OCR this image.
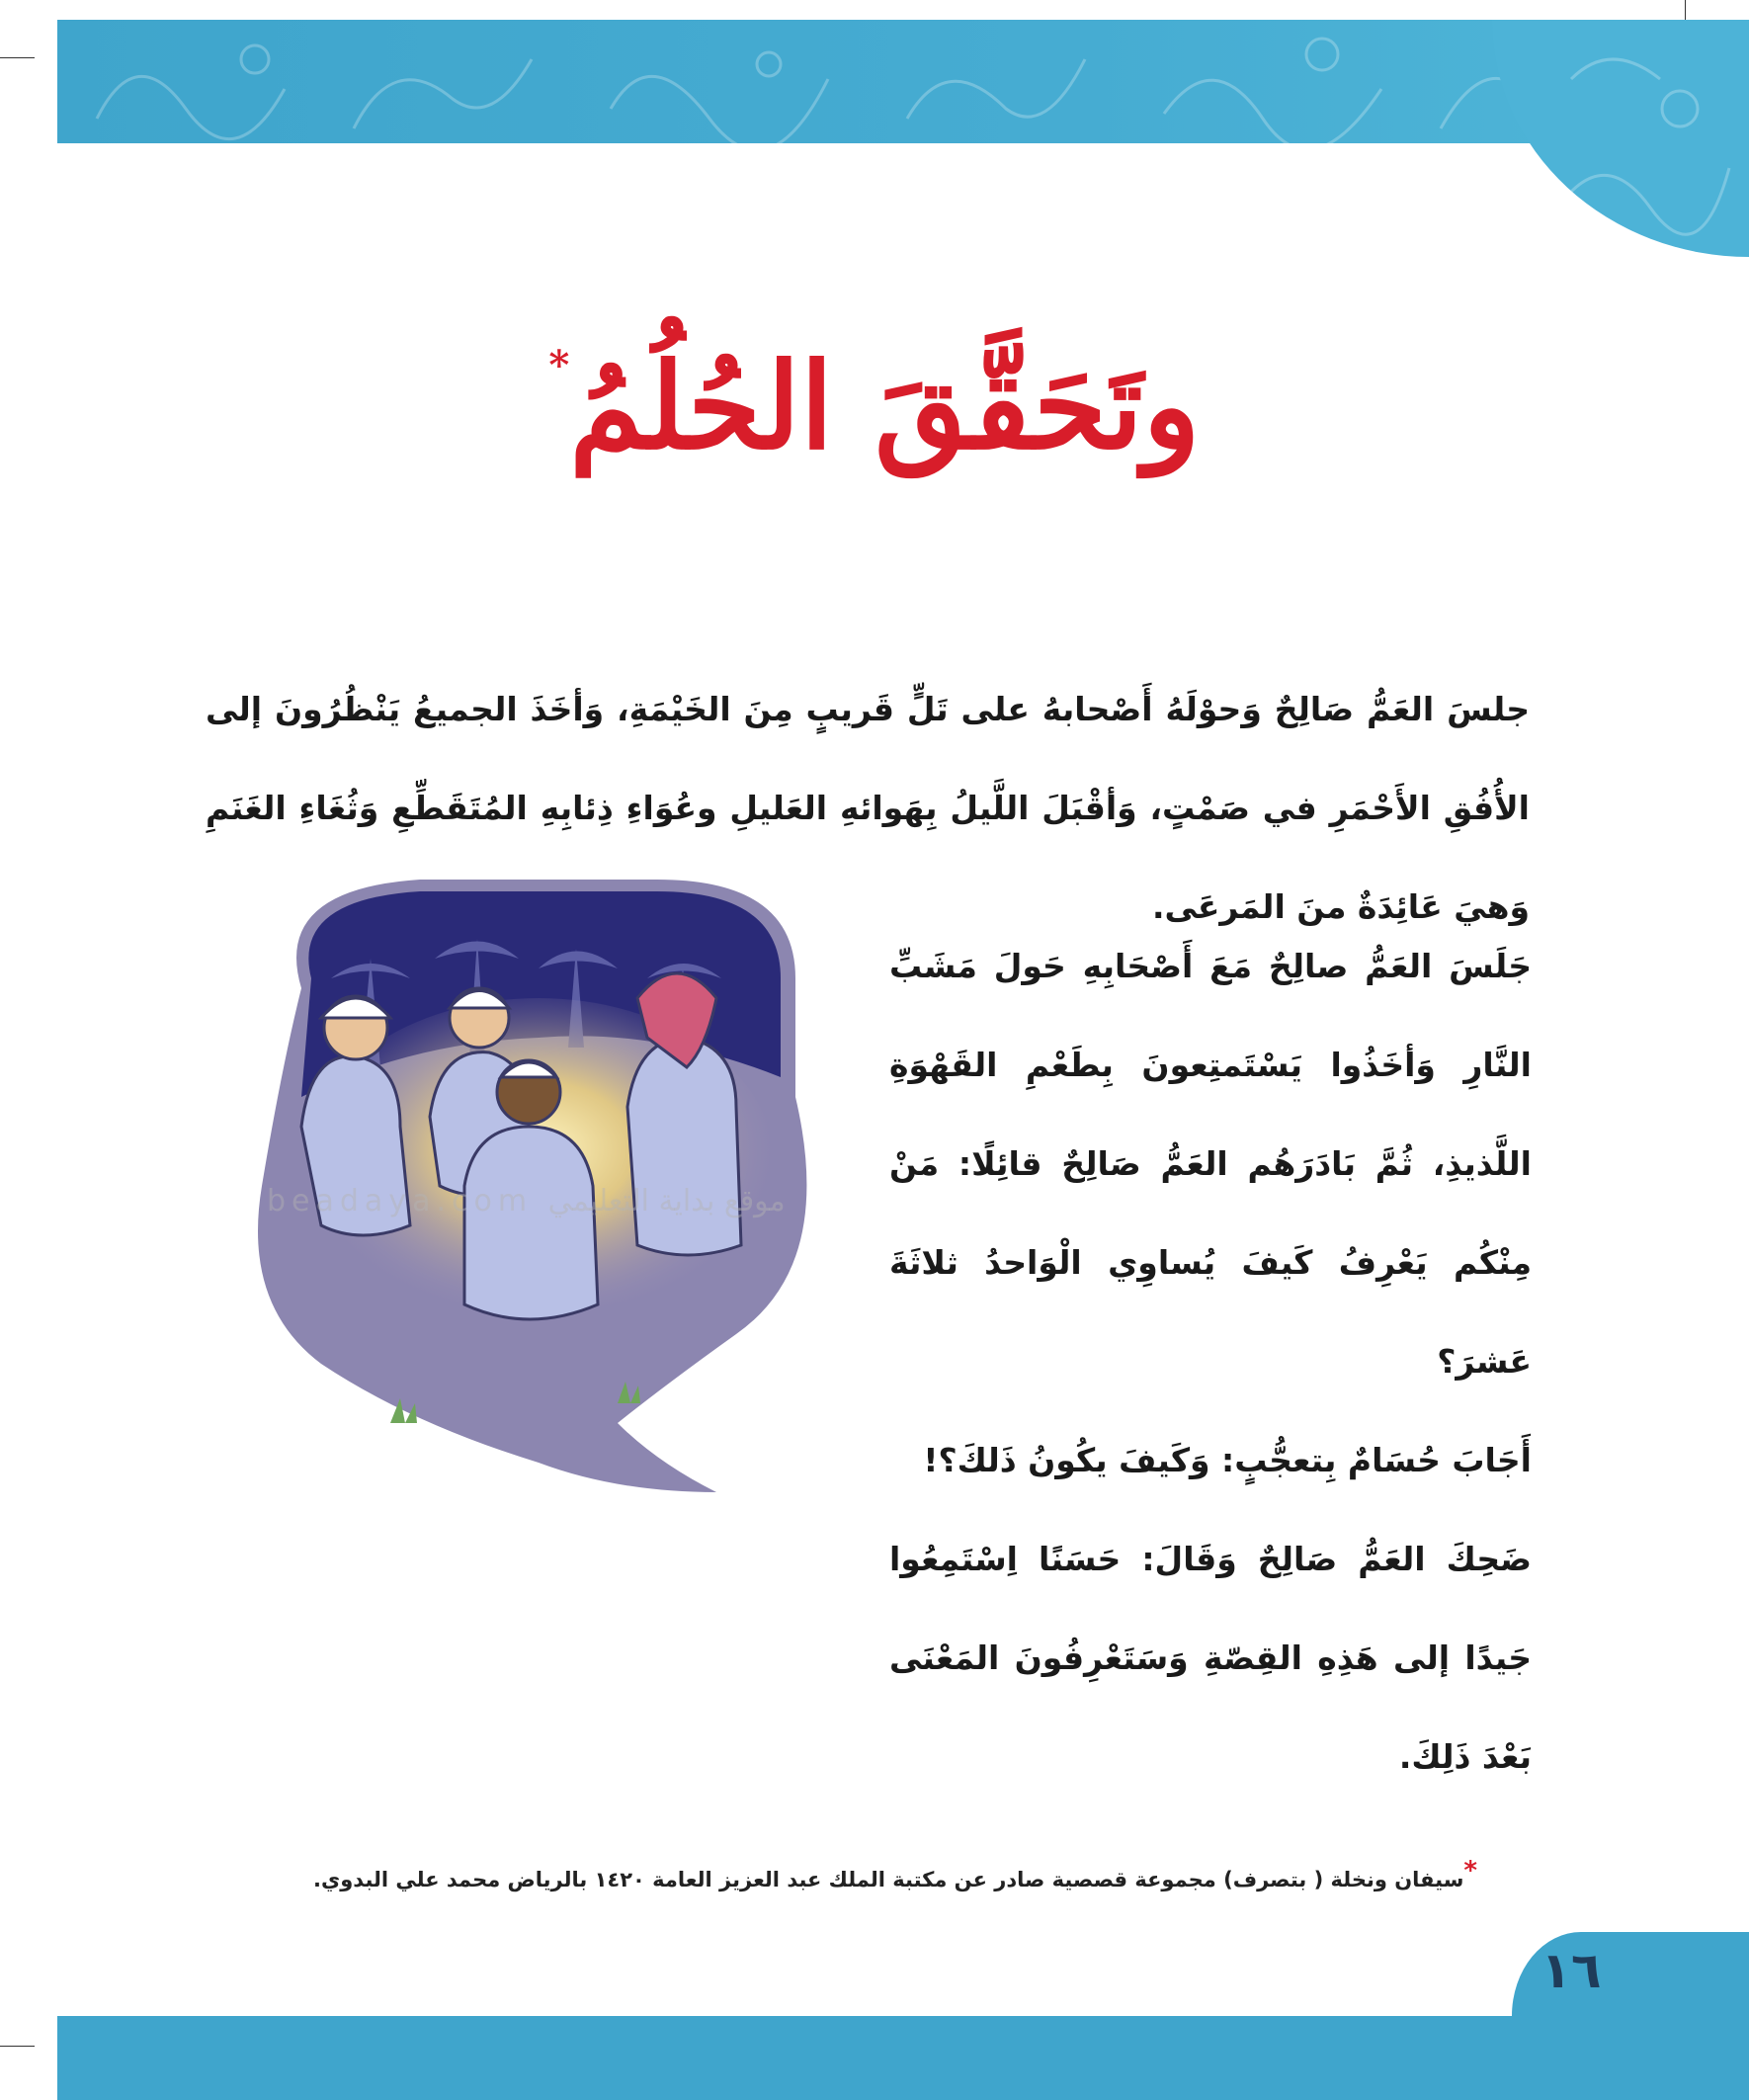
وتَحَقَّقَ الحُلُمُ*
جلسَ العَمُّ صَالِحٌ وَحوْلَهُ أَصْحابهُ على تَلٍّ قَريبٍ مِنَ الخَيْمَةِ، وَأخَذَ الجميعُ يَنْظُرُونَ إلى الأُفُقِ الأَحْمَرِ في صَمْتٍ، وَأقْبَلَ اللَّيلُ بِهَوائهِ العَليلِ وعُوَاءِ ذِئابِهِ المُتَقَطِّعِ وَثُغَاءِ الغَنَمِ وَهيَ عَائِدَةٌ منَ المَرعَى.
beadaya.com موقع بداية التعليمي

جَلَسَ العَمُّ صالِحٌ مَعَ أَصْحَابِهِ حَولَ مَشَبِّ النَّارِ وَأخَذُوا يَسْتَمتِعونَ بِطَعْمِ القَهْوَةِ اللَّذيذِ، ثُمَّ بَادَرَهُم العَمُّ صَالِحٌ قائِلًا: مَنْ مِنْكُم يَعْرِفُ كَيفَ يُساوِي الْوَاحدُ ثلاثَةَ عَشرَ؟

أَجَابَ حُسَامٌ بِتعجُّبٍ: وَكَيفَ يكُونُ ذَلكَ؟!

ضَحِكَ العَمُّ صَالِحٌ وَقَالَ: حَسَنًا اِسْتَمِعُوا جَيدًا إلى هَذِهِ القِصّةِ وَسَتَعْرِفُونَ المَعْنَى بَعْدَ ذَلِكَ.

*سيفان ونخلة ( بتصرف) مجموعة قصصية صادر عن مكتبة الملك عبد العزيز العامة ١٤٢٠ بالرياض محمد علي البدوي.
١٦
